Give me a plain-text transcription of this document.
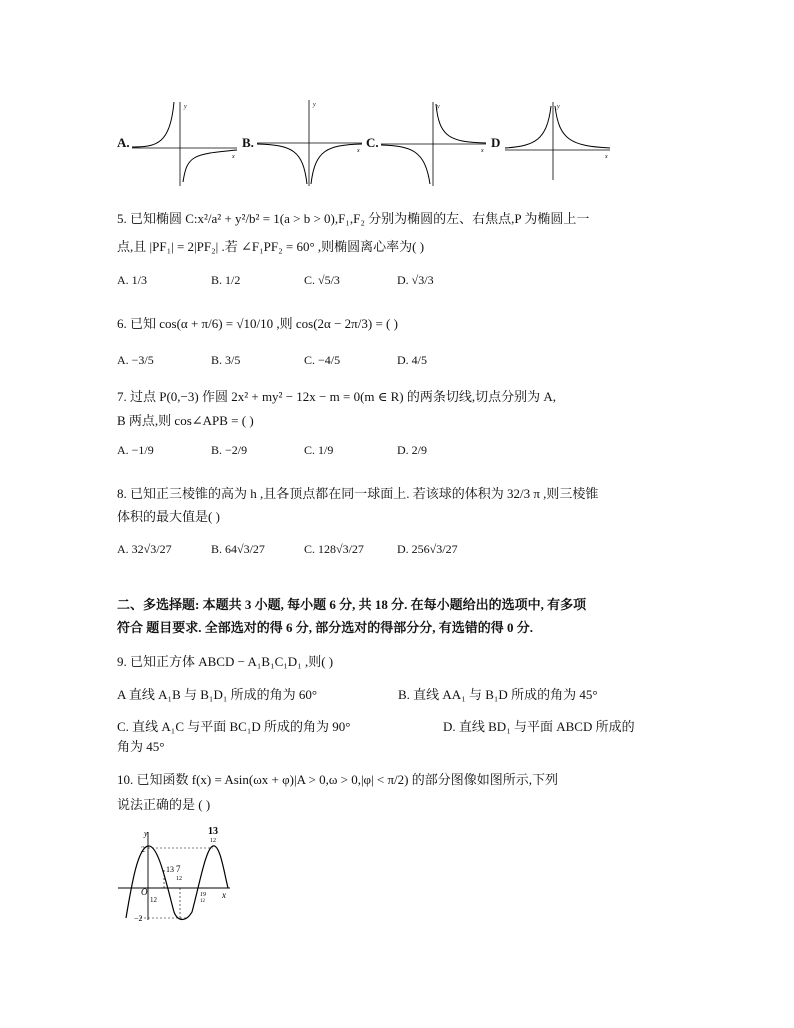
A.
x
y
B.
x
y
C.
x
y
D
x
y
5. 已知椭圆 C:x²/a² + y²/b² = 1(a > b > 0),F₁,F₂ 分别为椭圆的左、右焦点,P 为椭圆上一
点,且 |PF₁| = 2|PF₂| .若 ∠F₁PF₂ = 60° ,则椭圆离心率为( )
A. 1/3	B. 1/2	C. √5/3	D. √3/3
6. 已知 cos(α + π/6) = √10/10 ,则 cos(2α − 2π/3) = ( )
A. −3/5	B. 3/5	C. −4/5	D. 4/5
7. 过点 P(0,−3) 作圆 2x² + my² − 12x − m = 0(m ∈ R) 的两条切线,切点分别为 A,
B 两点,则 cos∠APB = ( )
A. −1/9	B. −2/9	C. 1/9	D. 2/9
8. 已知正三棱锥的高为 h ,且各顶点都在同一球面上. 若该球的体积为 32/3 π ,则三棱锥
体积的最大值是( )
A. 32√3/27	B. 64√3/27	C. 128√3/27	D. 256√3/27
二、多选择题: 本题共 3 小题, 每小题 6 分, 共 18 分. 在每小题给出的选项中, 有多项
符合 题目要求. 全部选对的得 6 分, 部分选对的得部分分, 有选错的得 0 分.
9. 已知正方体 ABCD − A₁B₁C₁D₁ ,则( )
A 直线 A₁B 与 B₁D₁ 所成的角为 60°	B. 直线 AA₁ 与 B₁D 所成的角为 45°
C. 直线 A₁C 与平面 BC₁D 所成的角为 90°	D. 直线 BD₁ 与平面 ABCD 所成的
角为 45°
10. 已知函数 f(x) = Asin(ωx + φ)|A > 0,ω > 0,|φ| < π/2) 的部分图像如图所示,下列
说法正确的是 ( )
y
2
−2
O	x
12
13 7
12
19
12
13
12
